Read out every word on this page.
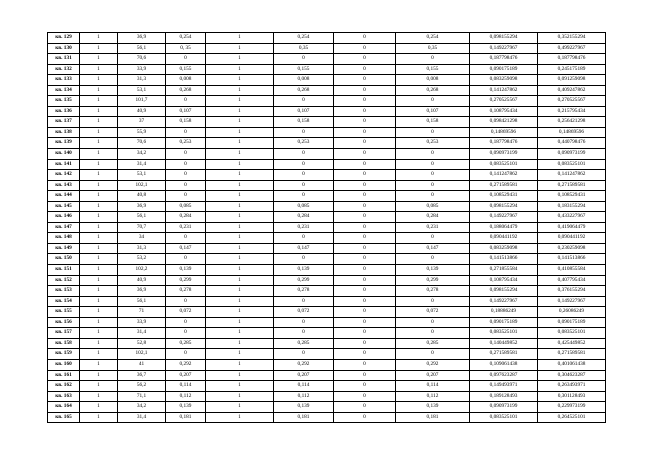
кв. 129	1	36,9	0,254	1	0,254	0	0,254	0,098155294	0,352155294
кв. 130	1	56,1	0, 35	1	0,35	0	0,35	0,149227967	0,499227967
кв. 131	1	70,6	0	1	0	0	0	0,187798476	0,187798476
кв. 132	1	33,9	0,155	1	0,155	0	0,155	0,090175189	0,245175189
кв. 133	1	31,3	0,008	1	0,008	0	0,008	0,083259098	0,091259098
кв. 134	1	53,1	0,268	1	0,268	0	0,268	0,141247862	0,409247862
кв. 135	1	101,7	0	1	0	0	0	0,270525567	0,270525567
кв. 136	1	40,9	0,107	1	0,107	0	0,107	0,108795434	0,215795434
кв. 137	1	37	0,158	1	0,158	0	0,158	0,098421298	0,256421298
кв. 138	1	55,9	0	1	0	0	0	0,14869596	0,14869596
кв. 139	1	70,6	0,253	1	0,253	0	0,253	0,187798476	0,440798476
кв. 140	1	34,2	0	1	0	0	0	0,090973199	0,090973199
кв. 141	1	31,4	0	1	0	0	0	0,083525101	0,083525101
кв. 142	1	53,1	0	1	0	0	0	0,141247862	0,141247862
кв. 143	1	102,1	0	1	0	0	0	0,271589581	0,271589581
кв. 144	1	40,8	0	1	0	0	0	0,108529431	0,108529431
кв. 145	1	36,9	0,085	1	0,085	0	0,085	0,098155294	0,183155294
кв. 146	1	56,1	0,284	1	0,284	0	0,284	0,149227967	0,433227967
кв. 147	1	70,7	0,231	1	0,231	0	0,231	0,188064479	0,419064479
кв. 148	1	34	0	1	0	0	0	0,090441192	0,090441192
кв. 149	1	31,3	0,147	1	0,147	0	0,147	0,083259098	0,230259098
кв. 150	1	53,2	0	1	0	0	0	0,141513866	0,141513866
кв. 151	1	102,2	0,139	1	0,139	0	0,139	0,271855584	0,410855584
кв. 152	1	40,9	0,299	1	0,299	0	0,299	0,108795434	0,407795434
кв. 153	1	36,9	0,278	1	0,278	0	0,278	0,098155294	0,376155294
кв. 154	1	56,1	0	1	0	0	0	0,149227967	0,149227967
кв. 155	1	71	0,072	1	0,072	0	0,072	0,18886249	0,26086249
кв. 156	1	33,9	0	1	0	0	0	0,090175189	0,090175189
кв. 157	1	31,4	0	1	0	0	0	0,083525101	0,083525101
кв. 158	1	52,8	0,285	1	0,285	0	0,285	0,140449852	0,425449852
кв. 159	1	102,1	0	1	0	0	0	0,271589581	0,271589581
кв. 160	1	41	0,292	1	0,292	0	0,292	0,109061438	0,401061438
кв. 161	1	36,7	0,207	1	0,207	0	0,207	0,097623287	0,304623287
кв. 162	1	56,2	0,114	1	0,114	0	0,114	0,149493971	0,263493971
кв. 163	1	71,1	0,112	1	0,112	0	0,112	0,189128493	0,301128493
кв. 164	1	34,2	0,139	1	0,139	0	0,139	0,090973199	0,229973199
кв. 165	1	31,4	0,181	1	0,181	0	0,181	0,083525101	0,264525101
